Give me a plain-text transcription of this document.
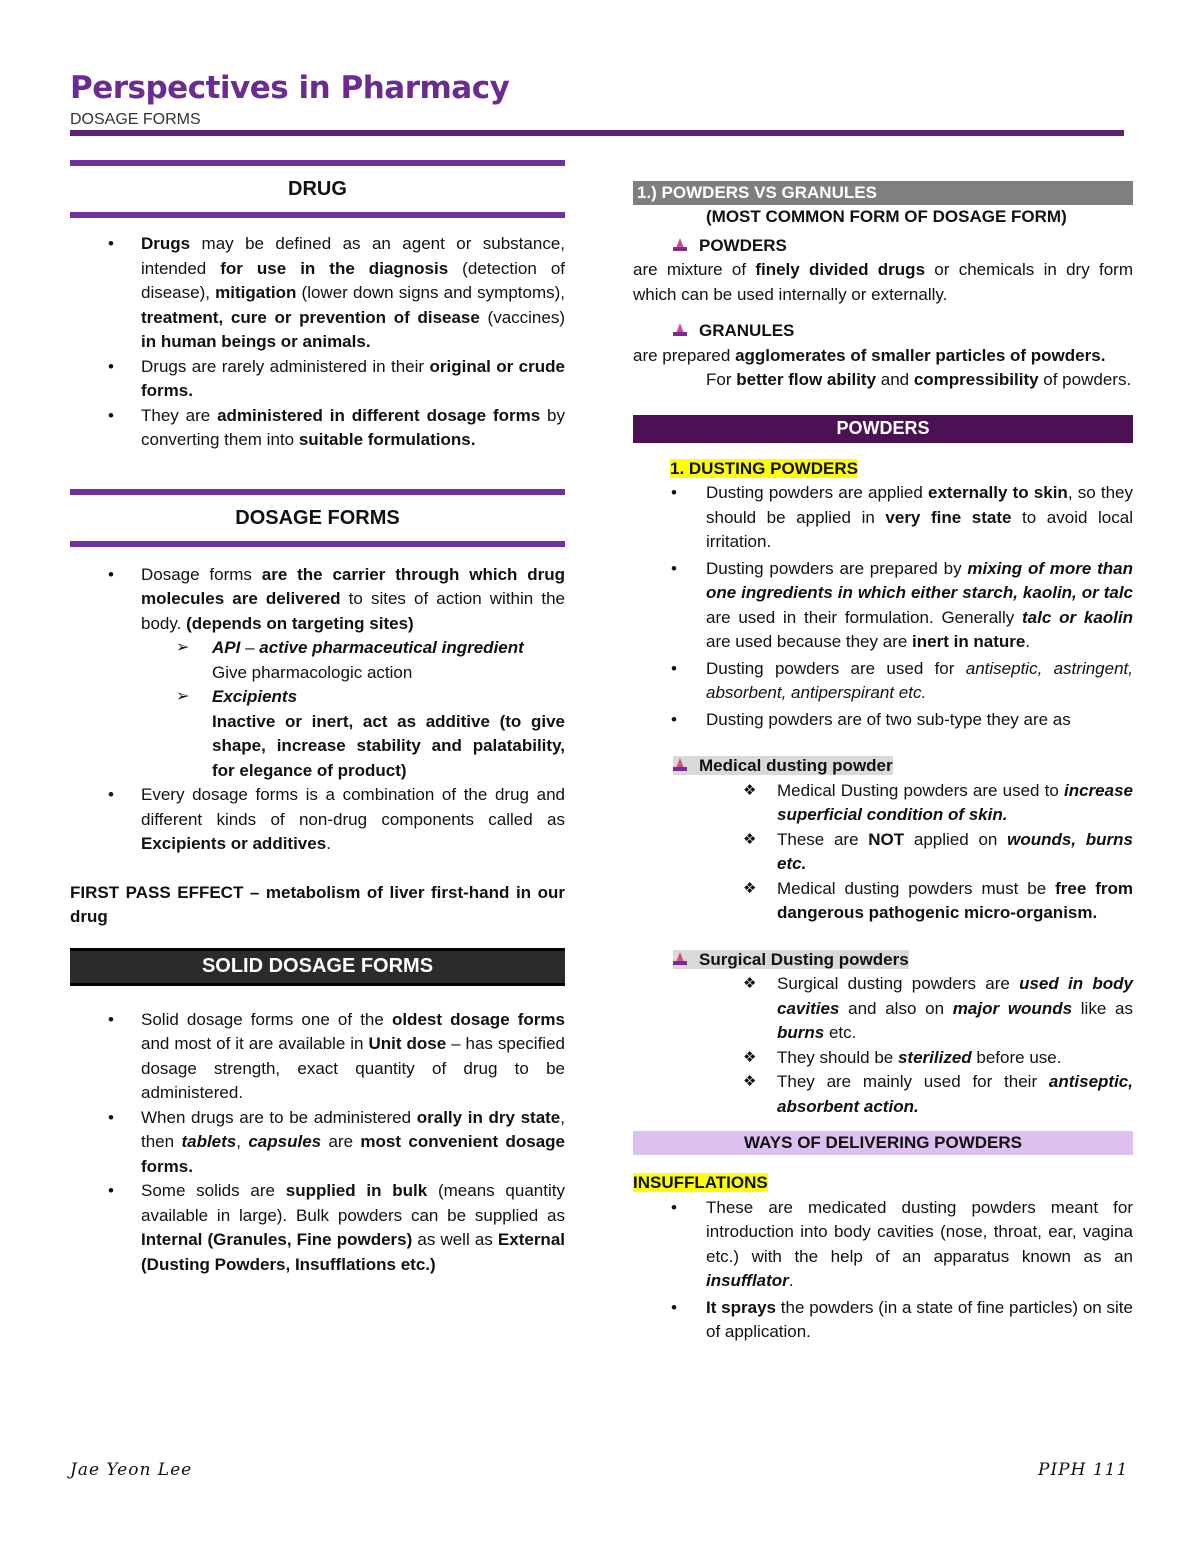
Perspectives in Pharmacy
DOSAGE FORMS
DRUG

• Drugs may be defined as an agent or substance, intended for use in the diagnosis (detection of disease), mitigation (lower down signs and symptoms), treatment, cure or prevention of disease (vaccines) in human beings or animals.

• Drugs are rarely administered in their original or crude forms.

• They are administered in different dosage forms by converting them into suitable formulations.

DOSAGE FORMS

• Dosage forms are the carrier through which drug molecules are delivered to sites of action within the body. (depends on targeting sites)

➢ API – active pharmaceutical ingredient

Give pharmacologic action

➢ Excipients

Inactive or inert, act as additive (to give shape, increase stability and palatability, for elegance of product)

• Every dosage forms is a combination of the drug and different kinds of non-drug components called as Excipients or additives.

FIRST PASS EFFECT – metabolism of liver first-hand in our drug

SOLID DOSAGE FORMS

• Solid dosage forms one of the oldest dosage forms and most of it are available in Unit dose – has specified dosage strength, exact quantity of drug to be administered.

• When drugs are to be administered orally in dry state, then tablets, capsules are most convenient dosage forms.

• Some solids are supplied in bulk (means quantity available in large). Bulk powders can be supplied as Internal (Granules, Fine powders) as well as External (Dusting Powders, Insufflations etc.)

1.) POWDERS VS GRANULES

(MOST COMMON FORM OF DOSAGE FORM)

POWDERS

are mixture of finely divided drugs or chemicals in dry form which can be used internally or externally.

GRANULES

are prepared agglomerates of smaller particles of powders.

For better flow ability and compressibility of powders.

POWDERS

1. DUSTING POWDERS

• Dusting powders are applied externally to skin, so they should be applied in very fine state to avoid local irritation.

• Dusting powders are prepared by mixing of more than one ingredients in which either starch, kaolin, or talc are used in their formulation. Generally talc or kaolin are used because they are inert in nature.

• Dusting powders are used for antiseptic, astringent, absorbent, antiperspirant etc.

• Dusting powders are of two sub-type they are as

Medical dusting powder

❖ Medical Dusting powders are used to increase superficial condition of skin.

❖ These are NOT applied on wounds, burns etc.

❖ Medical dusting powders must be free from dangerous pathogenic micro-organism.

Surgical Dusting powders

❖ Surgical dusting powders are used in body cavities and also on major wounds like as burns etc.

❖ They should be sterilized before use.

❖ They are mainly used for their antiseptic, absorbent action.

WAYS OF DELIVERING POWDERS

INSUFFLATIONS

• These are medicated dusting powders meant for introduction into body cavities (nose, throat, ear, vagina etc.) with the help of an apparatus known as an insufflator.

• It sprays the powders (in a state of fine particles) on site of application.

Jae Yeon Lee	PIPH 111
